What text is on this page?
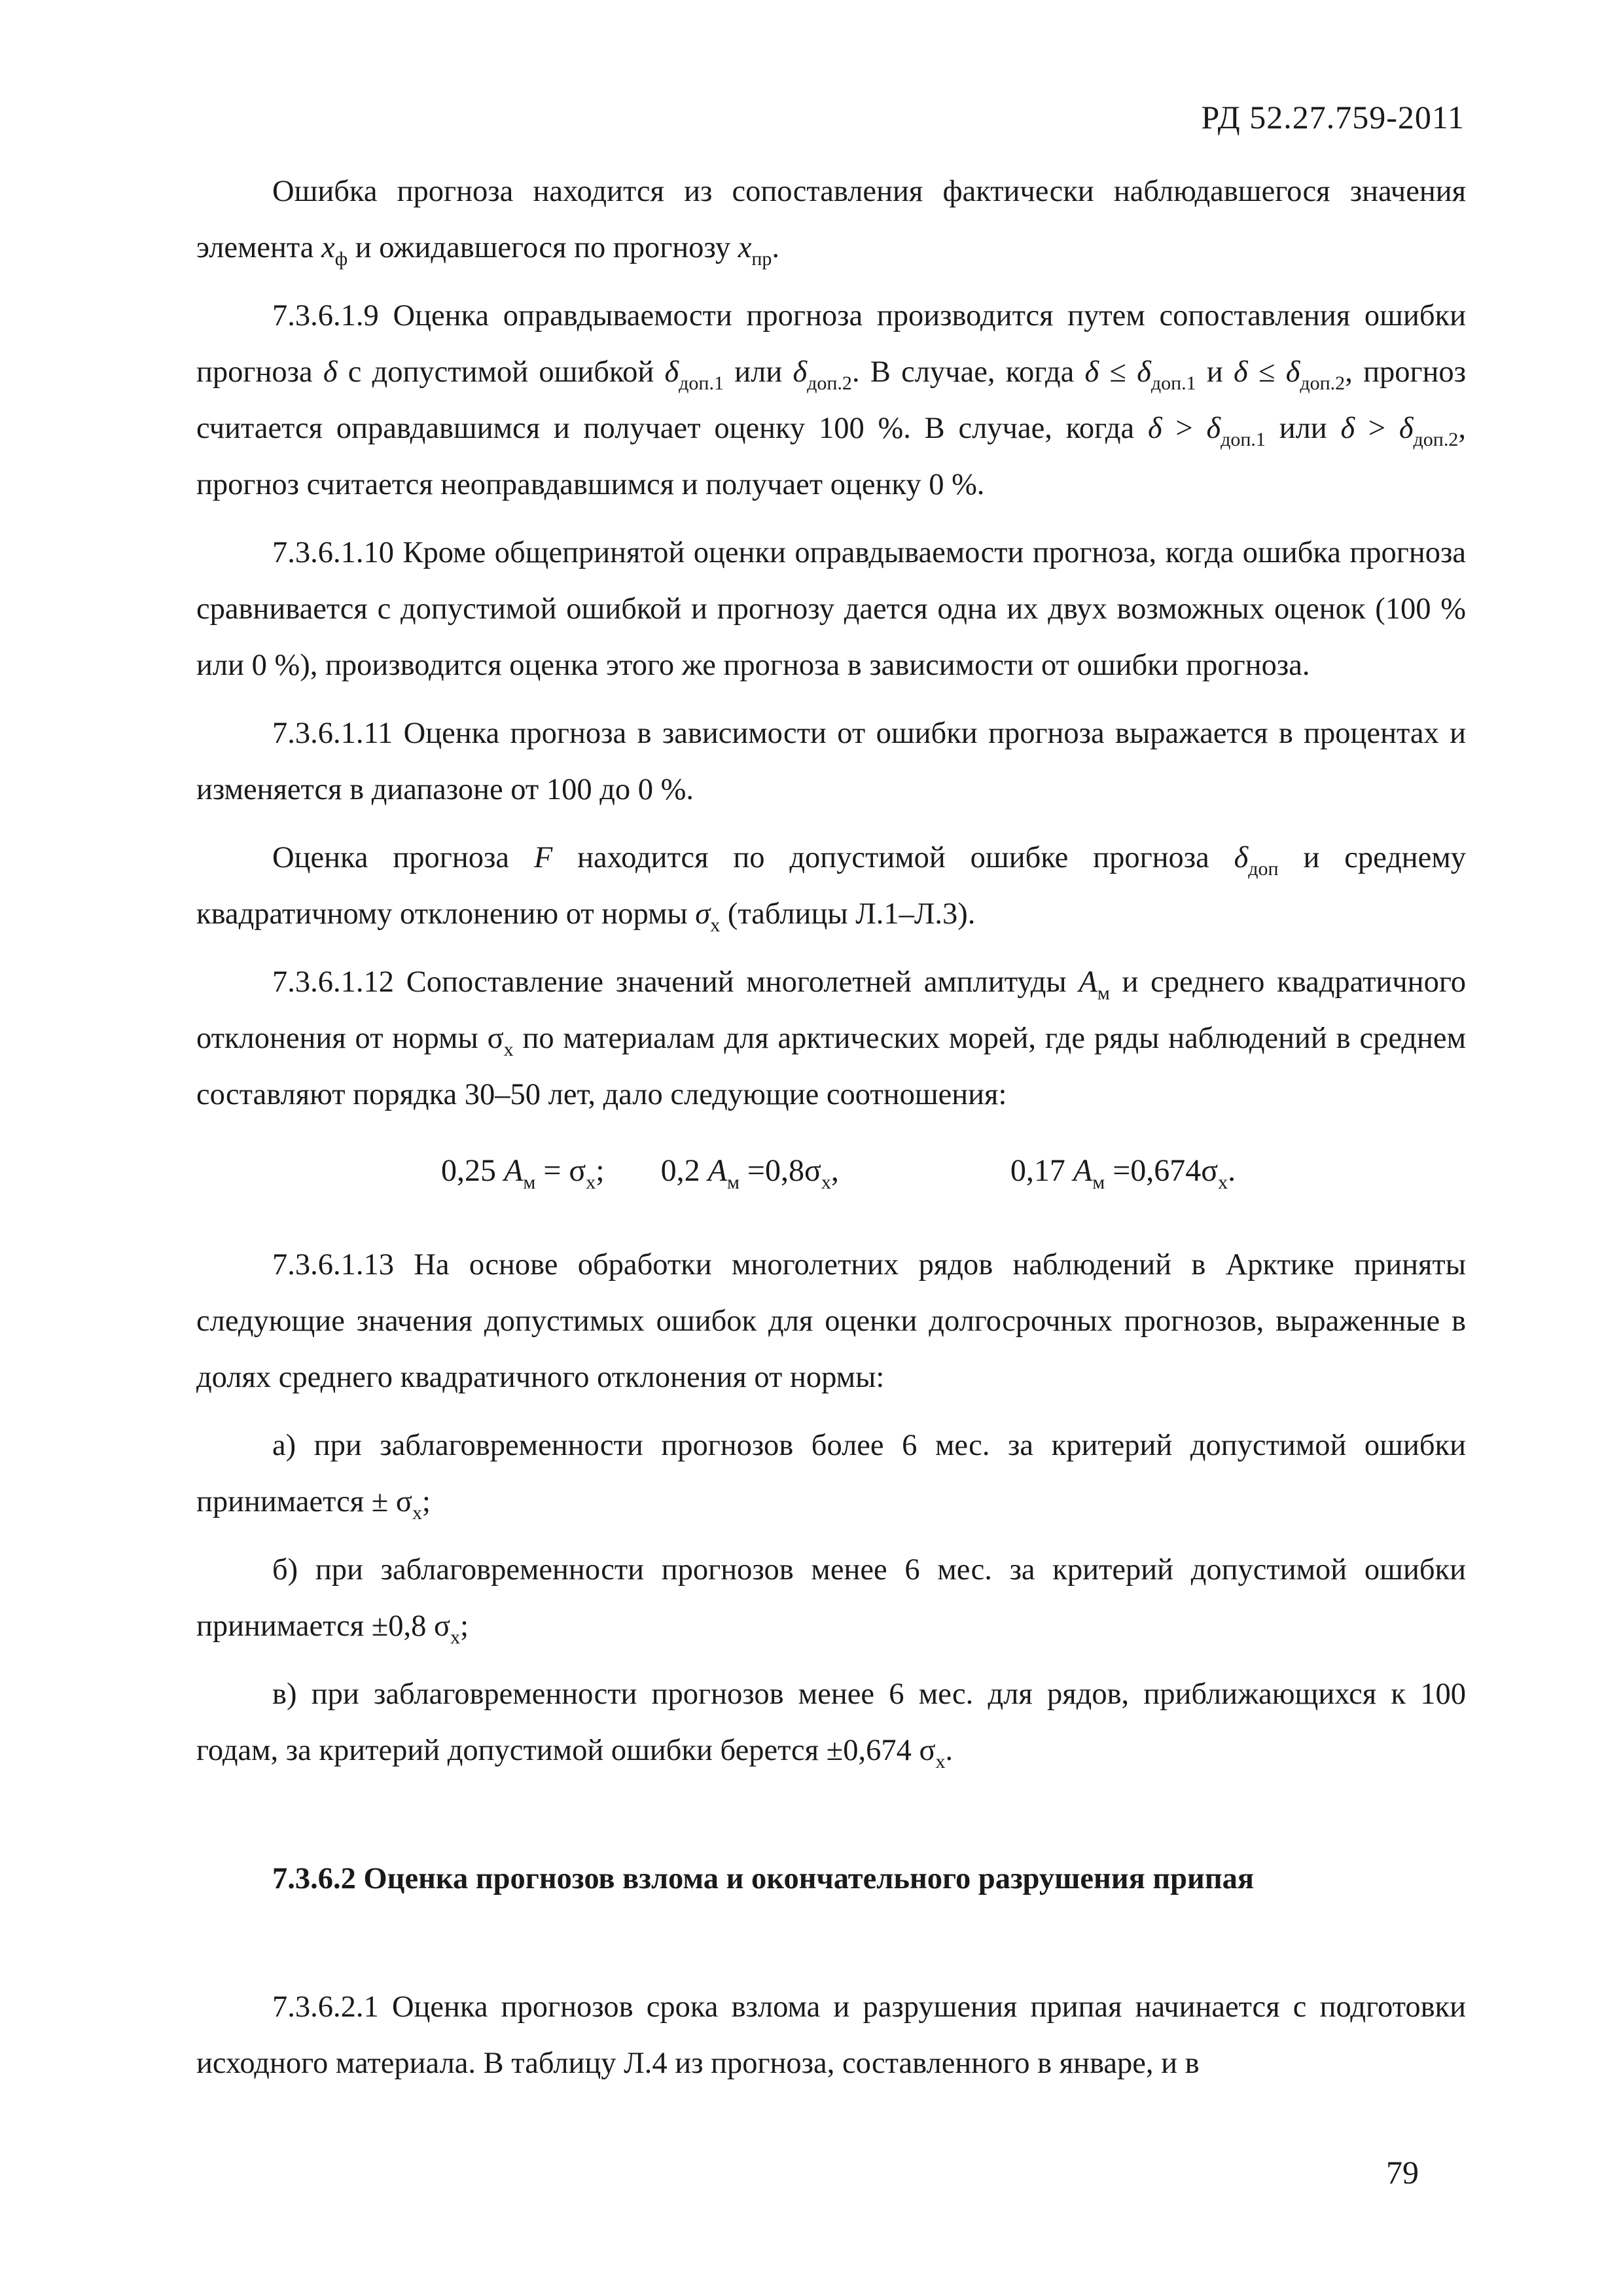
РД 52.27.759-2011

Ошибка прогноза находится из сопоставления фактически наблюдавшегося значения элемента $x_ф$ и ожидавшегося по прогнозу $x_{пр}$.

7.3.6.1.9 Оценка оправдываемости прогноза производится путем сопоставления ошибки прогноза δ с допустимой ошибкой $\delta_{доп.1}$ или $\delta_{доп.2}$. В случае, когда $\delta \le \delta_{доп.1}$ и $\delta \le \delta_{доп.2}$, прогноз считается оправдавшимся и получает оценку 100 %. В случае, когда $\delta > \delta_{доп.1}$ или $\delta > \delta_{доп.2}$, прогноз считается неоправдавшимся и получает оценку 0 %.

7.3.6.1.10 Кроме общепринятой оценки оправдываемости прогноза, когда ошибка прогноза сравнивается с допустимой ошибкой и прогнозу дается одна их двух возможных оценок (100 % или 0 %), производится оценка этого же прогноза в зависимости от ошибки прогноза.

7.3.6.1.11 Оценка прогноза в зависимости от ошибки прогноза выражается в процентах и изменяется в диапазоне от 100 до 0 %.

Оценка прогноза F находится по допустимой ошибке прогноза $\delta_{доп}$ и среднему квадратичному отклонению от нормы $\sigma_x$ (таблицы Л.1–Л.3).

7.3.6.1.12 Сопоставление значений многолетней амплитуды $A_м$ и среднего квадратичного отклонения от нормы $\sigma_x$ по материалам для арктических морей, где ряды наблюдений в среднем составляют порядка 30–50 лет, дало следующие соотношения:

0,25 $A_м = \sigma_x$; 0,2 $A_м =0,8\sigma_x$,	0,17 $A_м =0,674\sigma_x$.

7.3.6.1.13 На основе обработки многолетних рядов наблюдений в Арктике приняты следующие значения допустимых ошибок для оценки долгосрочных прогнозов, выраженные в долях среднего квадратичного отклонения от нормы:

а) при заблаговременности прогнозов более 6 мес. за критерий допустимой ошибки принимается ± $\sigma_x$;

б) при заблаговременности прогнозов менее 6 мес. за критерий допустимой ошибки принимается ±0,8 $\sigma_x$;

в) при заблаговременности прогнозов менее 6 мес. для рядов, приближающихся к 100 годам, за критерий допустимой ошибки берется ±0,674 $\sigma_x$.

7.3.6.2 Оценка прогнозов взлома и окончательного разрушения припая

7.3.6.2.1 Оценка прогнозов срока взлома и разрушения припая начинается с подготовки исходного материала. В таблицу Л.4 из прогноза, составленного в январе, и в

79
